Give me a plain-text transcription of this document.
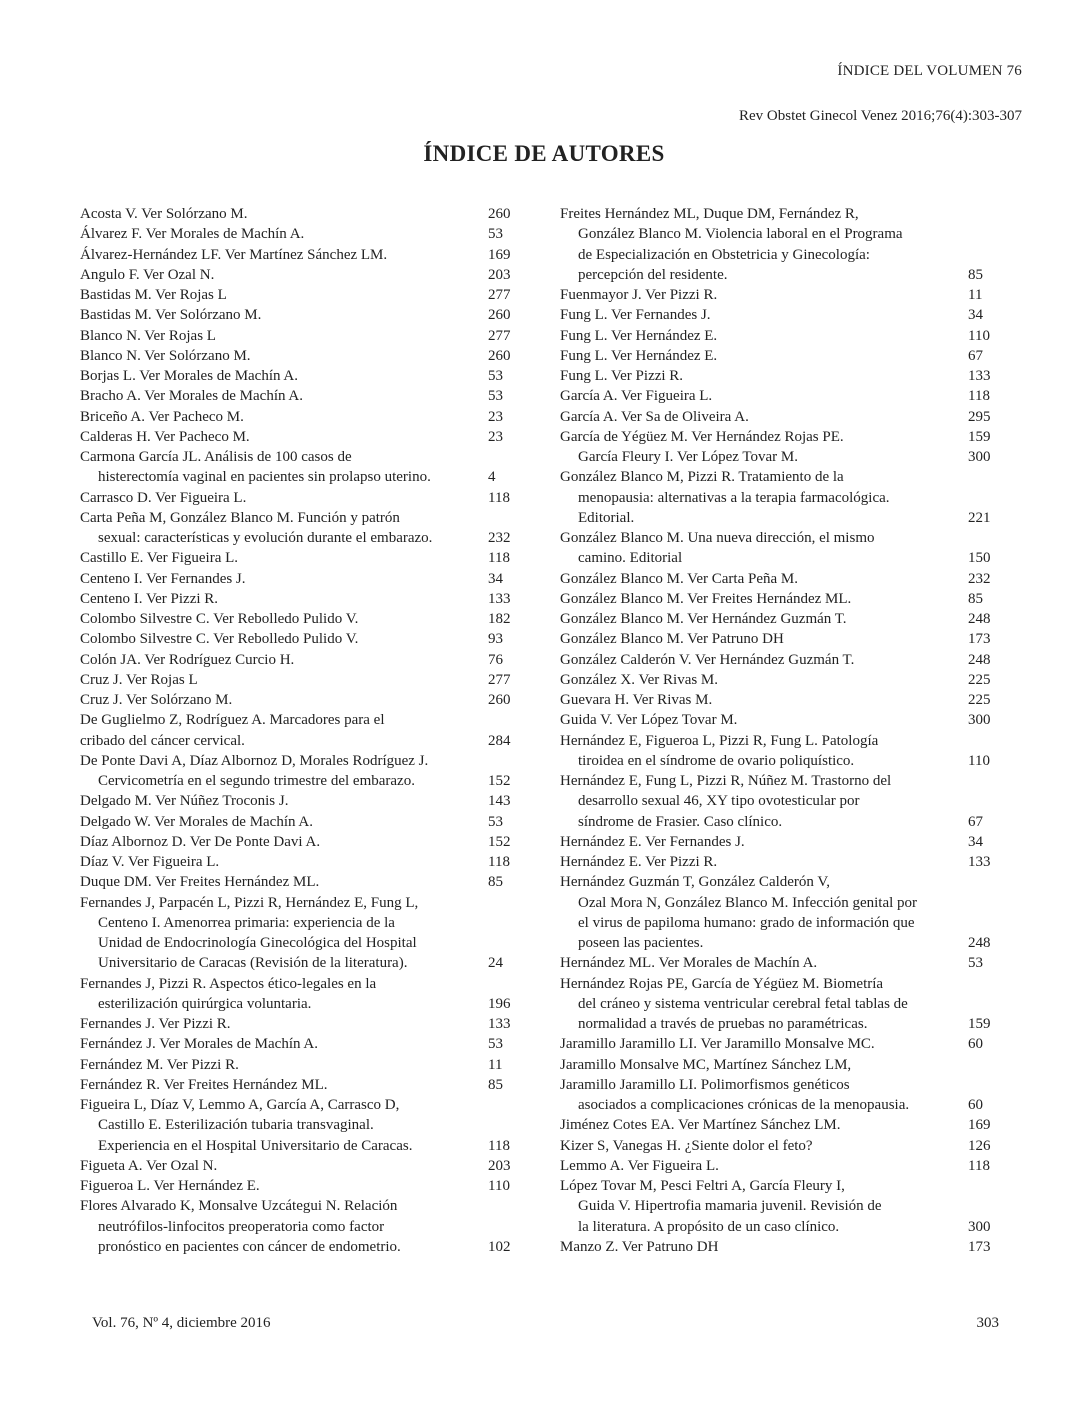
ÍNDICE DEL VOLUMEN 76
Rev Obstet Ginecol Venez 2016;76(4):303-307
ÍNDICE DE AUTORES
Acosta V. Ver Solórzano M.	260
Álvarez F. Ver Morales de Machín A.	53
Álvarez-Hernández LF. Ver Martínez Sánchez LM.	169
Angulo F. Ver Ozal N.	203
Bastidas M. Ver Rojas L	277
Bastidas M. Ver Solórzano M.	260
Blanco N. Ver Rojas L	277
Blanco N. Ver Solórzano M.	260
Borjas L. Ver Morales de Machín A.	53
Bracho A. Ver Morales de Machín A.	53
Briceño A. Ver Pacheco M.	23
Calderas H. Ver Pacheco M.	23
Carmona García JL. Análisis de 100 casos de
histerectomía vaginal en pacientes sin prolapso uterino.	4
Carrasco D. Ver Figueira L.	118
Carta Peña M, González Blanco M. Función y patrón
sexual: características y evolución durante el embarazo.	232
Castillo E. Ver Figueira L.	118
Centeno I. Ver Fernandes J.	34
Centeno I. Ver Pizzi R.	133
Colombo Silvestre C. Ver Rebolledo Pulido V.	182
Colombo Silvestre C. Ver Rebolledo Pulido V.	93
Colón JA. Ver Rodríguez Curcio H.	76
Cruz J. Ver Rojas L	277
Cruz J. Ver Solórzano M.	260
De Guglielmo Z, Rodríguez A. Marcadores para el
cribado del cáncer cervical.	284
De Ponte Davi A, Díaz Albornoz D, Morales Rodríguez J.
Cervicometría en el segundo trimestre del embarazo.	152
Delgado M. Ver Núñez Troconis J.	143
Delgado W. Ver Morales de Machín A.	53
Díaz Albornoz D. Ver De Ponte Davi A.	152
Díaz V. Ver Figueira L.	118
Duque DM. Ver Freites Hernández ML.	85
Fernandes J, Parpacén L, Pizzi R, Hernández E, Fung L,
Centeno I. Amenorrea primaria: experiencia de la
Unidad de Endocrinología Ginecológica del Hospital
Universitario de Caracas (Revisión de la literatura).	24
Fernandes J, Pizzi R. Aspectos ético-legales en la
esterilización quirúrgica voluntaria.	196
Fernandes J. Ver Pizzi R.	133
Fernández J. Ver Morales de Machín A.	53
Fernández M. Ver Pizzi R.	11
Fernández R. Ver Freites Hernández ML.	85
Figueira L, Díaz V, Lemmo A, García A, Carrasco D,
Castillo E. Esterilización tubaria transvaginal.
Experiencia en el Hospital Universitario de Caracas.	118
Figueta A. Ver Ozal N.	203
Figueroa L. Ver Hernández E.	110
Flores Alvarado K, Monsalve Uzcátegui N. Relación
neutrófilos-linfocitos preoperatoria como factor
pronóstico en pacientes con cáncer de endometrio.	102
Freites Hernández ML, Duque DM, Fernández R,
González Blanco M. Violencia laboral en el Programa
de Especialización en Obstetricia y Ginecología:
percepción del residente.	85
Fuenmayor J. Ver Pizzi R.	11
Fung L. Ver Fernandes J.	34
Fung L. Ver Hernández E.	110
Fung L. Ver Hernández E.	67
Fung L. Ver Pizzi R.	133
García A. Ver Figueira L.	118
García A. Ver Sa de Oliveira A.	295
García de Yégüez M. Ver Hernández Rojas PE.	159
García Fleury I. Ver López Tovar M.	300
González Blanco M, Pizzi R. Tratamiento de la
menopausia: alternativas a la terapia farmacológica.
Editorial.	221
González Blanco M. Una nueva dirección, el mismo
camino. Editorial	150
González Blanco M. Ver Carta Peña M.	232
González Blanco M. Ver Freites Hernández ML.	85
González Blanco M. Ver Hernández Guzmán T.	248
González Blanco M. Ver Patruno DH	173
González Calderón V. Ver Hernández Guzmán T.	248
González X. Ver Rivas M.	225
Guevara H. Ver Rivas M.	225
Guida V. Ver López Tovar M.	300
Hernández E, Figueroa L, Pizzi R, Fung L. Patología
tiroidea en el síndrome de ovario poliquístico.	110
Hernández E, Fung L, Pizzi R, Núñez M. Trastorno del
desarrollo sexual 46, XY tipo ovotesticular por
síndrome de Frasier. Caso clínico.	67
Hernández E. Ver Fernandes J.	34
Hernández E. Ver Pizzi R.	133
Hernández Guzmán T, González Calderón V,
Ozal Mora N, González Blanco M. Infección genital por
el virus de papiloma humano: grado de información que
poseen las pacientes.	248
Hernández ML. Ver Morales de Machín A.	53
Hernández Rojas PE, García de Yégüez M. Biometría
del cráneo y sistema ventricular cerebral fetal tablas de
normalidad a través de pruebas no paramétricas.	159
Jaramillo Jaramillo LI. Ver Jaramillo Monsalve MC.	60
Jaramillo Monsalve MC, Martínez Sánchez LM,
Jaramillo Jaramillo LI. Polimorfismos genéticos
asociados a complicaciones crónicas de la menopausia.	60
Jiménez Cotes EA. Ver Martínez Sánchez LM.	169
Kizer S, Vanegas H. ¿Siente dolor el feto?	126
Lemmo A. Ver Figueira L.	118
López Tovar M, Pesci Feltri A, García Fleury I,
Guida V. Hipertrofia mamaria juvenil. Revisión de
la literatura. A propósito de un caso clínico.	300
Manzo Z. Ver Patruno DH	173
Vol. 76, Nº 4, diciembre 2016	303
